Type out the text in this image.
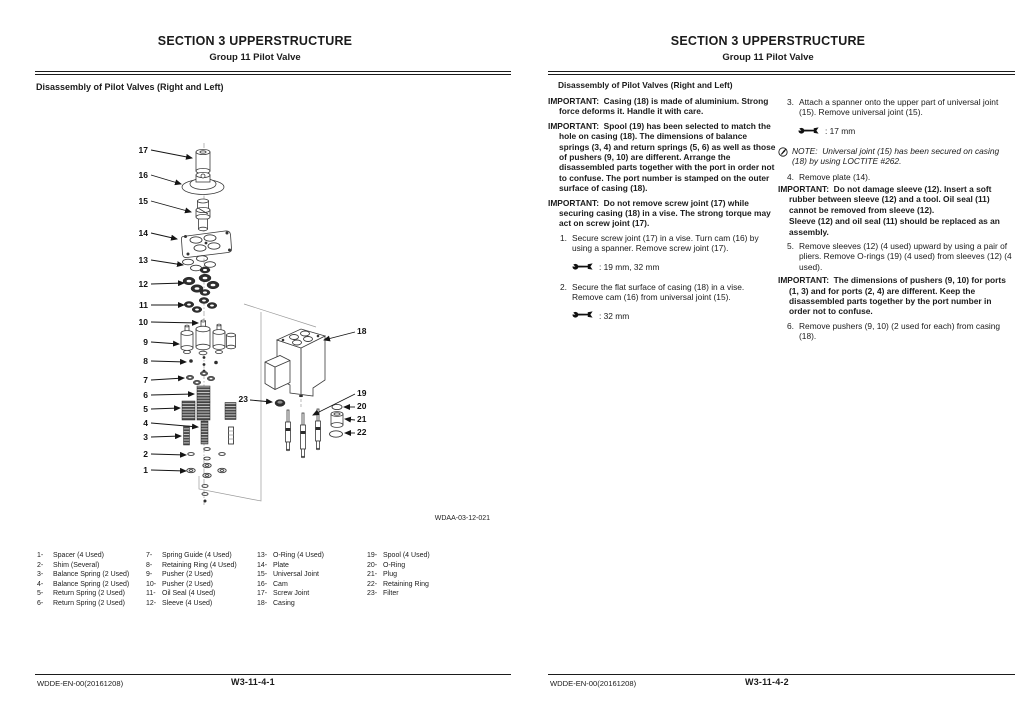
SECTION 3 UPPERSTRUCTURE
Group 11 Pilot Valve
Disassembly of Pilot Valves (Right and Left)
17
16
15
14
13
12
11
10
9
8
7
6
5
4
3
2
1
23
18
19
20
21
22
WDAA-03-12-021
1-	Spacer (4 Used)
2-	Shim (Several)
3-	Balance Spring (2 Used)
4-	Balance Spring (2 Used)
5-	Return Spring (2 Used)
6-	Return Spring (2 Used)
7-	Spring Guide (4 Used)
8-	Retaining Ring (4 Used)
9-	Pusher (2 Used)
10- Pusher (2 Used)
11- Oil Seal (4 Used)
12- Sleeve (4 Used)
13- O-Ring (4 Used)
14- Plate
15- Universal Joint
16- Cam
17- Screw Joint
18- Casing
19- Spool (4 Used)
20- O-Ring
21- Plug
22- Retaining Ring
23- Filter
WDDE-EN-00(20161208)	W3-11-4-1
SECTION 3 UPPERSTRUCTURE
Group 11 Pilot Valve
Disassembly of Pilot Valves (Right and Left)

IMPORTANT:  Casing (18) is made of aluminium. Strong force deforms it. Handle it with care.

IMPORTANT:  Spool (19) has been selected to match the hole on casing (18). The dimensions of balance springs (3, 4) and return springs (5, 6) as well as those of pushers (9, 10) are different. Arrange the disassembled parts together with the port in order not to confuse. The port number is stamped on the outer surface of casing (18).

IMPORTANT:  Do not remove screw joint (17) while securing casing (18) in a vise. The strong torque may act on screw joint (17).

1. Secure screw joint (17) in a vise. Turn cam (16) by using a spanner. Remove screw joint (17).
: 19 mm, 32 mm
2. Secure the flat surface of casing (18) in a vise. Remove cam (16) from universal joint (15).
: 32 mm
3. Attach a spanner onto the upper part of universal joint (15). Remove universal joint (15).
: 17 mm

NOTE:  Universal joint (15) has been secured on casing (18) by using LOCTITE #262.

4. Remove plate (14).

IMPORTANT:  Do not damage sleeve (12). Insert a soft rubber between sleeve (12) and a tool. Oil seal (11) cannot be removed from sleeve (12).

Sleeve (12) and oil seal (11) should be replaced as an assembly.

5. Remove sleeves (12) (4 used) upward by using a pair of pliers. Remove O-rings (19) (4 used) from sleeves (12) (4 used).

IMPORTANT:  The dimensions of pushers (9, 10) for ports (1, 3) and for ports (2, 4) are different. Keep the disassembled parts together by the port number in order not to confuse.

6. Remove pushers (9, 10) (2 used for each) from casing (18).
WDDE-EN-00(20161208)	W3-11-4-2
